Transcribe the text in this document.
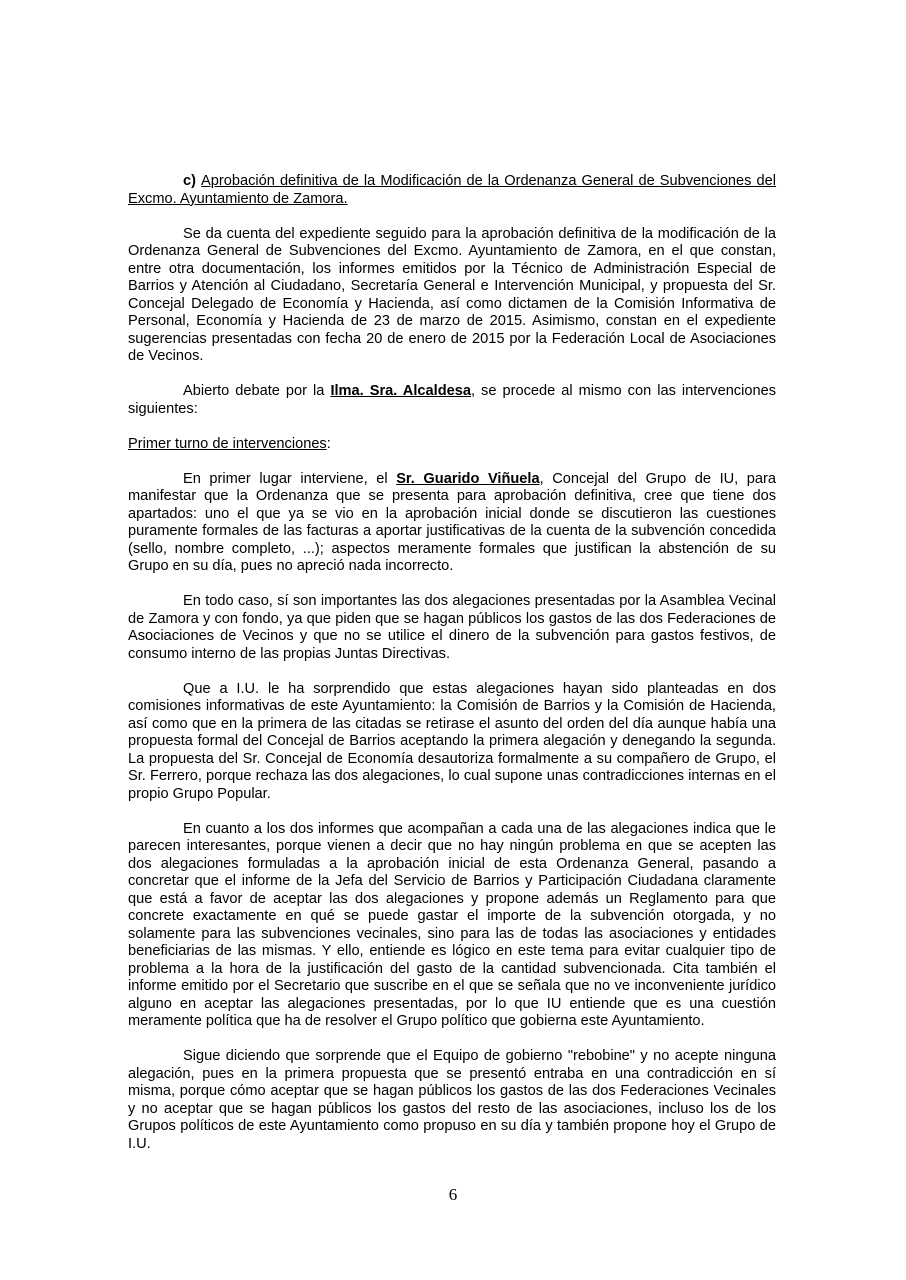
c) Aprobación definitiva de la Modificación de la Ordenanza General de Subvenciones del Excmo. Ayuntamiento de Zamora.

Se da cuenta del expediente seguido para la aprobación definitiva de la modificación de la Ordenanza General de Subvenciones del Excmo. Ayuntamiento de Zamora, en el que constan, entre otra documentación, los informes emitidos por la Técnico de Administración Especial de Barrios y Atención al Ciudadano, Secretaría General e Intervención Municipal, y propuesta del Sr. Concejal Delegado de Economía y Hacienda, así como dictamen de la Comisión Informativa de Personal, Economía y Hacienda de 23 de marzo de 2015. Asimismo, constan en el expediente sugerencias presentadas con fecha 20 de enero de 2015 por la Federación Local de Asociaciones de Vecinos.

Abierto debate por la Ilma. Sra. Alcaldesa, se procede al mismo con las intervenciones siguientes:

Primer turno de intervenciones:

En primer lugar interviene, el Sr. Guarido Viñuela, Concejal del Grupo de IU, para manifestar que la Ordenanza que se presenta para aprobación definitiva, cree que tiene dos apartados: uno el que ya se vio en la aprobación inicial donde se discutieron las cuestiones puramente formales de las facturas a aportar justificativas de la cuenta de la subvención concedida (sello, nombre completo, ...); aspectos meramente formales que justifican la abstención de su Grupo en su día, pues no apreció nada incorrecto.

En todo caso, sí son importantes las dos alegaciones presentadas por la Asamblea Vecinal de Zamora y con fondo, ya que piden que se hagan públicos los gastos de las dos Federaciones de Asociaciones de Vecinos y que no se utilice el dinero de la subvención para gastos festivos, de consumo interno de las propias Juntas Directivas.

Que a I.U. le ha sorprendido que estas alegaciones hayan sido planteadas en dos comisiones informativas de este Ayuntamiento: la Comisión de Barrios y la Comisión de Hacienda, así como que en la primera de las citadas se retirase el asunto del orden del día aunque había una propuesta formal del Concejal de Barrios aceptando la primera alegación y denegando la segunda. La propuesta del Sr. Concejal de Economía desautoriza formalmente a su compañero de Grupo, el Sr. Ferrero, porque rechaza las dos alegaciones, lo cual supone unas contradicciones internas en el propio Grupo Popular.

En cuanto a los dos informes que acompañan a cada una de las alegaciones indica que le parecen interesantes, porque vienen a decir que no hay ningún problema en que se acepten las dos alegaciones formuladas a la aprobación inicial de esta Ordenanza General, pasando a concretar que el informe de la Jefa del Servicio de Barrios y Participación Ciudadana claramente que está a favor de aceptar las dos alegaciones y propone además un Reglamento para que concrete exactamente en qué se puede gastar el importe de la subvención otorgada, y no solamente para las subvenciones vecinales, sino para las de todas las asociaciones y entidades beneficiarias de las mismas. Y ello, entiende es lógico en este tema para evitar cualquier tipo de problema a la hora de la justificación del gasto de la cantidad subvencionada. Cita también el informe emitido por el Secretario que suscribe en el que se señala que no ve inconveniente jurídico alguno en aceptar las alegaciones presentadas, por lo que IU entiende que es una cuestión meramente política que ha de resolver el Grupo político que gobierna este Ayuntamiento.

Sigue diciendo que sorprende que el Equipo de gobierno "rebobine" y no acepte ninguna alegación, pues en la primera propuesta que se presentó entraba en una contradicción en sí misma, porque cómo aceptar que se hagan públicos los gastos de las dos Federaciones Vecinales y no aceptar que se hagan públicos los gastos del resto de las asociaciones, incluso los de los Grupos políticos de este Ayuntamiento como propuso en su día y también propone hoy el Grupo de I.U.

6
